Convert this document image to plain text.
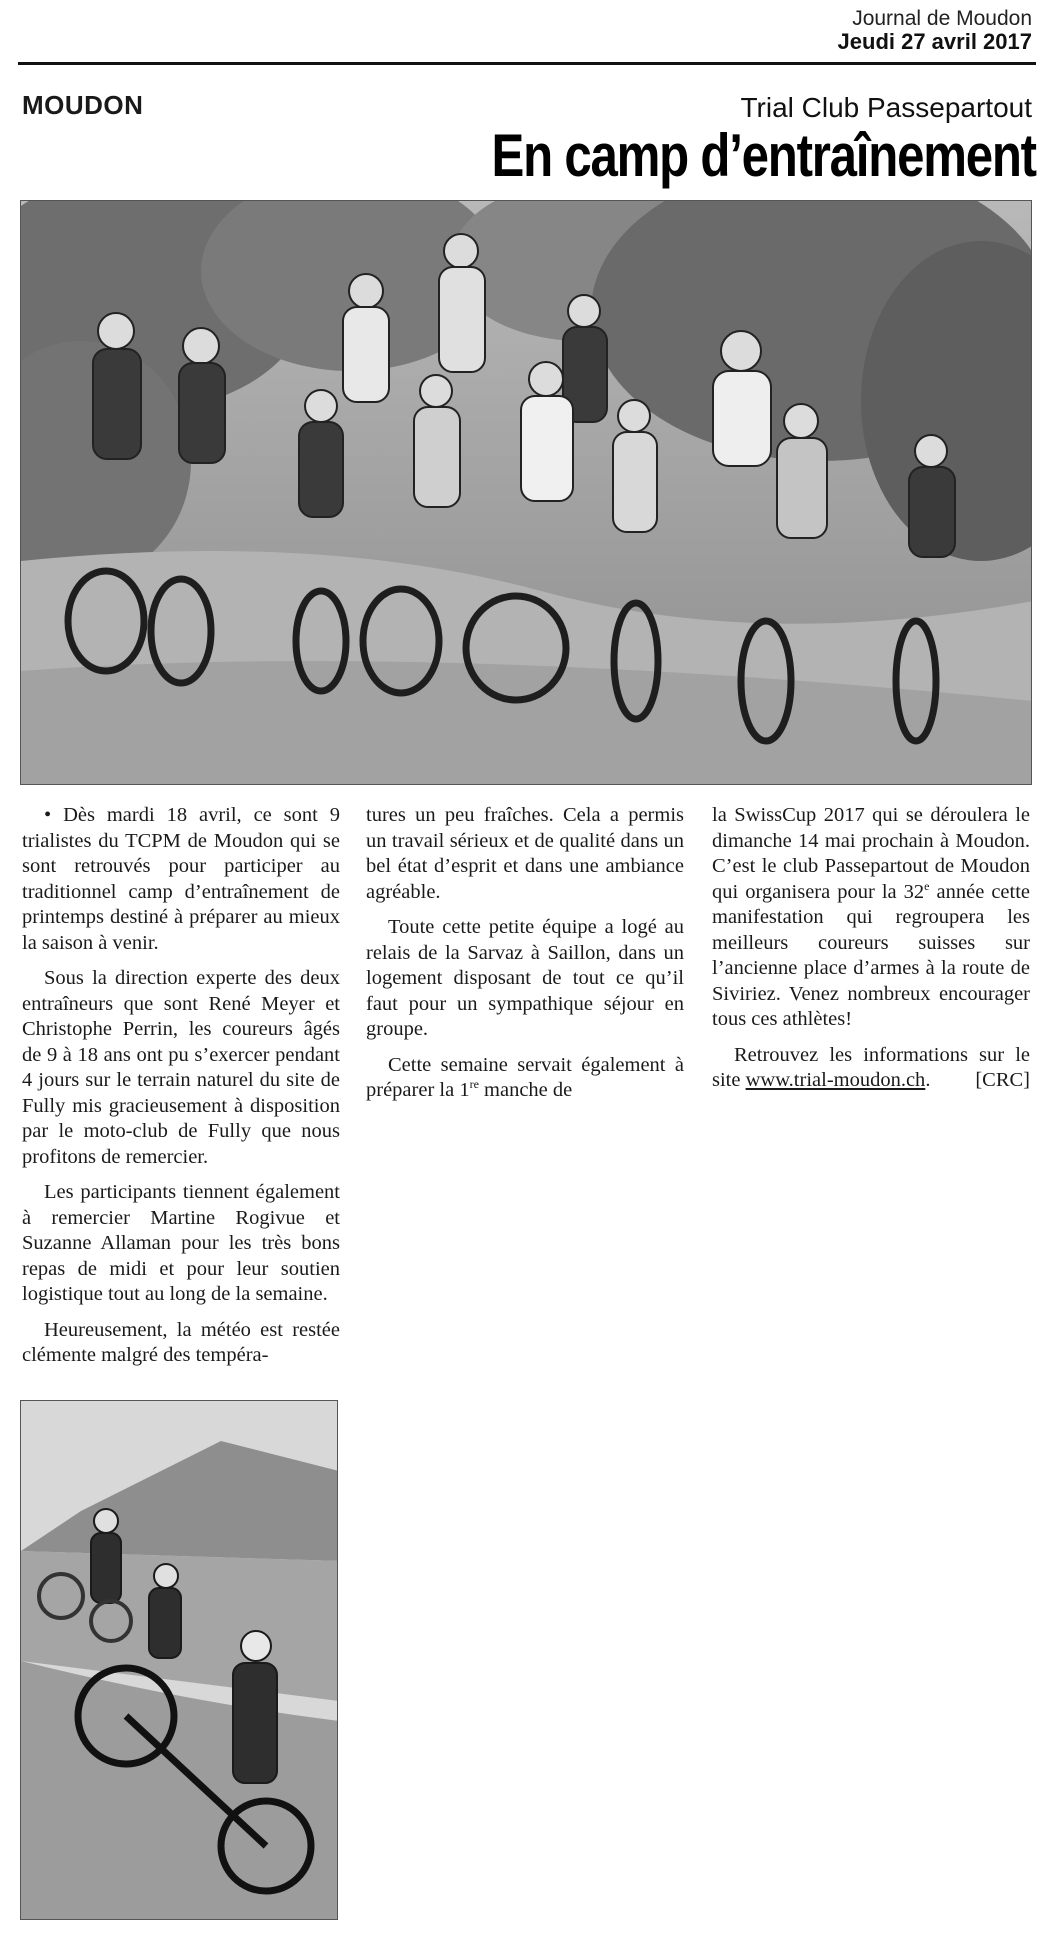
Journal de Moudon
Jeudi 27 avril 2017
MOUDON	Trial Club Passepartout
En camp d’entraînement

• Dès mardi 18 avril, ce sont 9 trialistes du TCPM de Moudon qui se sont retrouvés pour participer au traditionnel camp d’entraînement de printemps destiné à préparer au mieux la saison à venir.

Sous la direction experte des deux entraîneurs que sont René Meyer et Christophe Perrin, les coureurs âgés de 9 à 18 ans ont pu s’exercer pendant 4 jours sur le terrain naturel du site de Fully mis gracieusement à disposition par le moto-club de Fully que nous profitons de remercier.

Les participants tiennent également à remercier Martine Rogivue et Suzanne Allaman pour les très bons repas de midi et pour leur soutien logistique tout au long de la semaine.

Heureusement, la météo est restée clémente malgré des tempéra-

tures un peu fraîches. Cela a permis un travail sérieux et de qualité dans un bel état d’esprit et dans une ambiance agréable.

Toute cette petite équipe a logé au relais de la Sarvaz à Saillon, dans un logement disposant de tout ce qu’il faut pour un sympathique séjour en groupe.

Cette semaine servait également à préparer la 1re manche de

la SwissCup 2017 qui se déroulera le dimanche 14 mai prochain à Moudon. C’est le club Passepartout de Moudon qui organisera pour la 32e année cette manifestation qui regroupera les meilleurs coureurs suisses sur l’ancienne place d’armes à la route de Siviriez. Venez nombreux encourager tous ces athlètes!

Retrouvez les informations sur le site www.trial-moudon.ch.	[CRC]
